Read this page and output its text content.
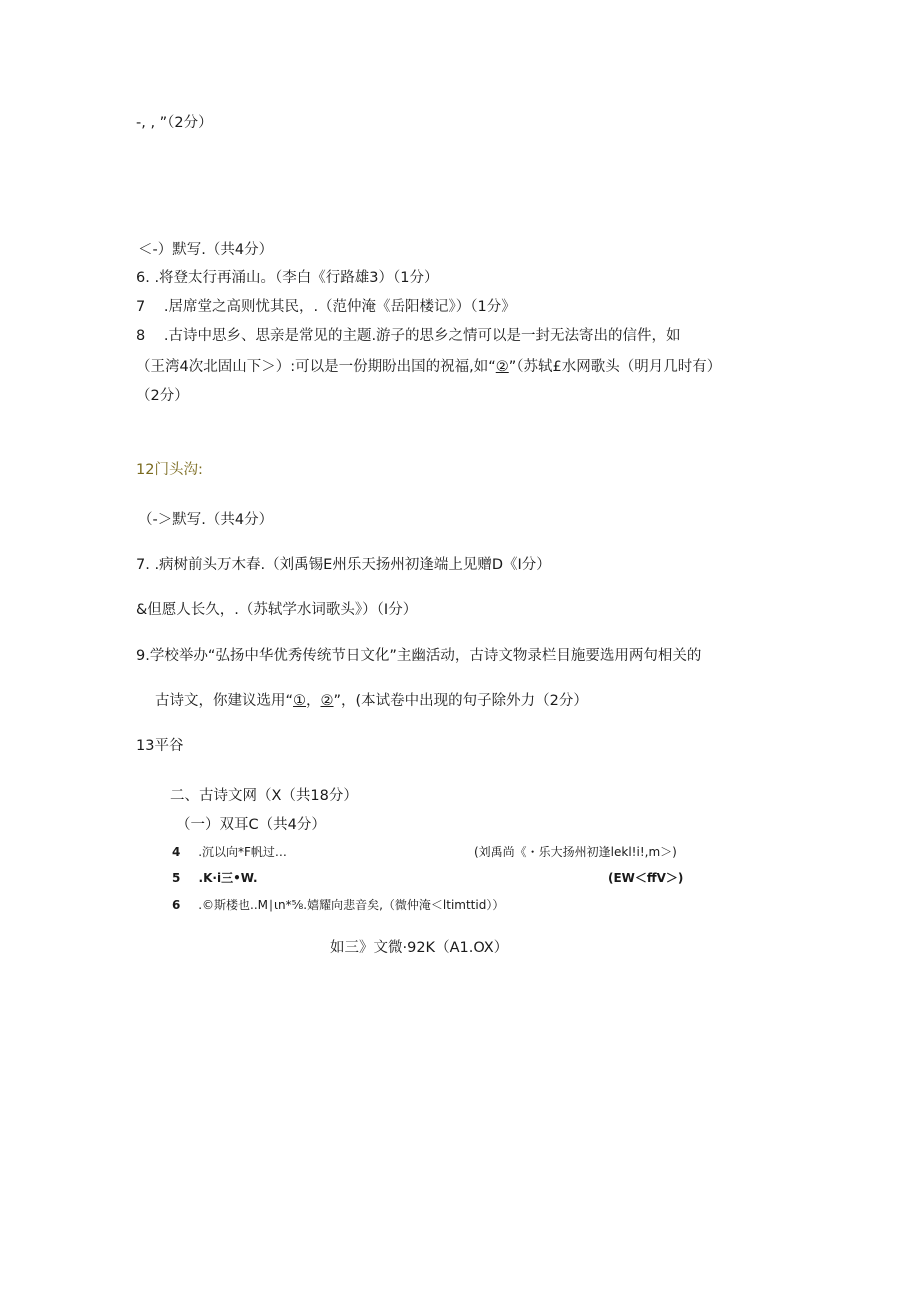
-, , ”（2分）
＜-）默写.（共4分）
6. .将登太行再涌山。（李白《行路雄3）（1分）
7 .居席堂之高则忧其民，.（范仲淹《岳阳楼记》）（1分》
8 .古诗中思乡、思亲是常见的主题.游子的思乡之情可以是一封无法寄出的信件，如
（王湾4次北固山下＞）:可以是一份期盼出国的祝福,如“②”（苏轼£水网歌头（明月几时有）
（2分）
12门头沟:
（-＞默写.（共4分）
7. .病树前头万木春.（刘禹锡E州乐天扬州初逢端上见赠D《I分）
&但愿人长久，.（苏轼学水词歌头》）（I分）
9.学校举办“弘扬中华优秀传统节日文化”主幽活动，古诗文物录栏目施要选用两句相关的
古诗文，你建议选用“①，②”，(本试卷中出现的句子除外力（2分）
13平谷
二、古诗文网（X（共18分）
（一）双耳C（共4分）
4 .沉以向*F帆过…	(刘禹尚《・乐大扬州初逢lekl!i!,m＞)
5 .K·i三•W.	(EW＜ffV＞)
6 .©斯楼也..M∣ιn*⅝.嬉耀向悲音矣,（微仲淹＜ltimttid））
如三》文微·92K（A1.OX）
